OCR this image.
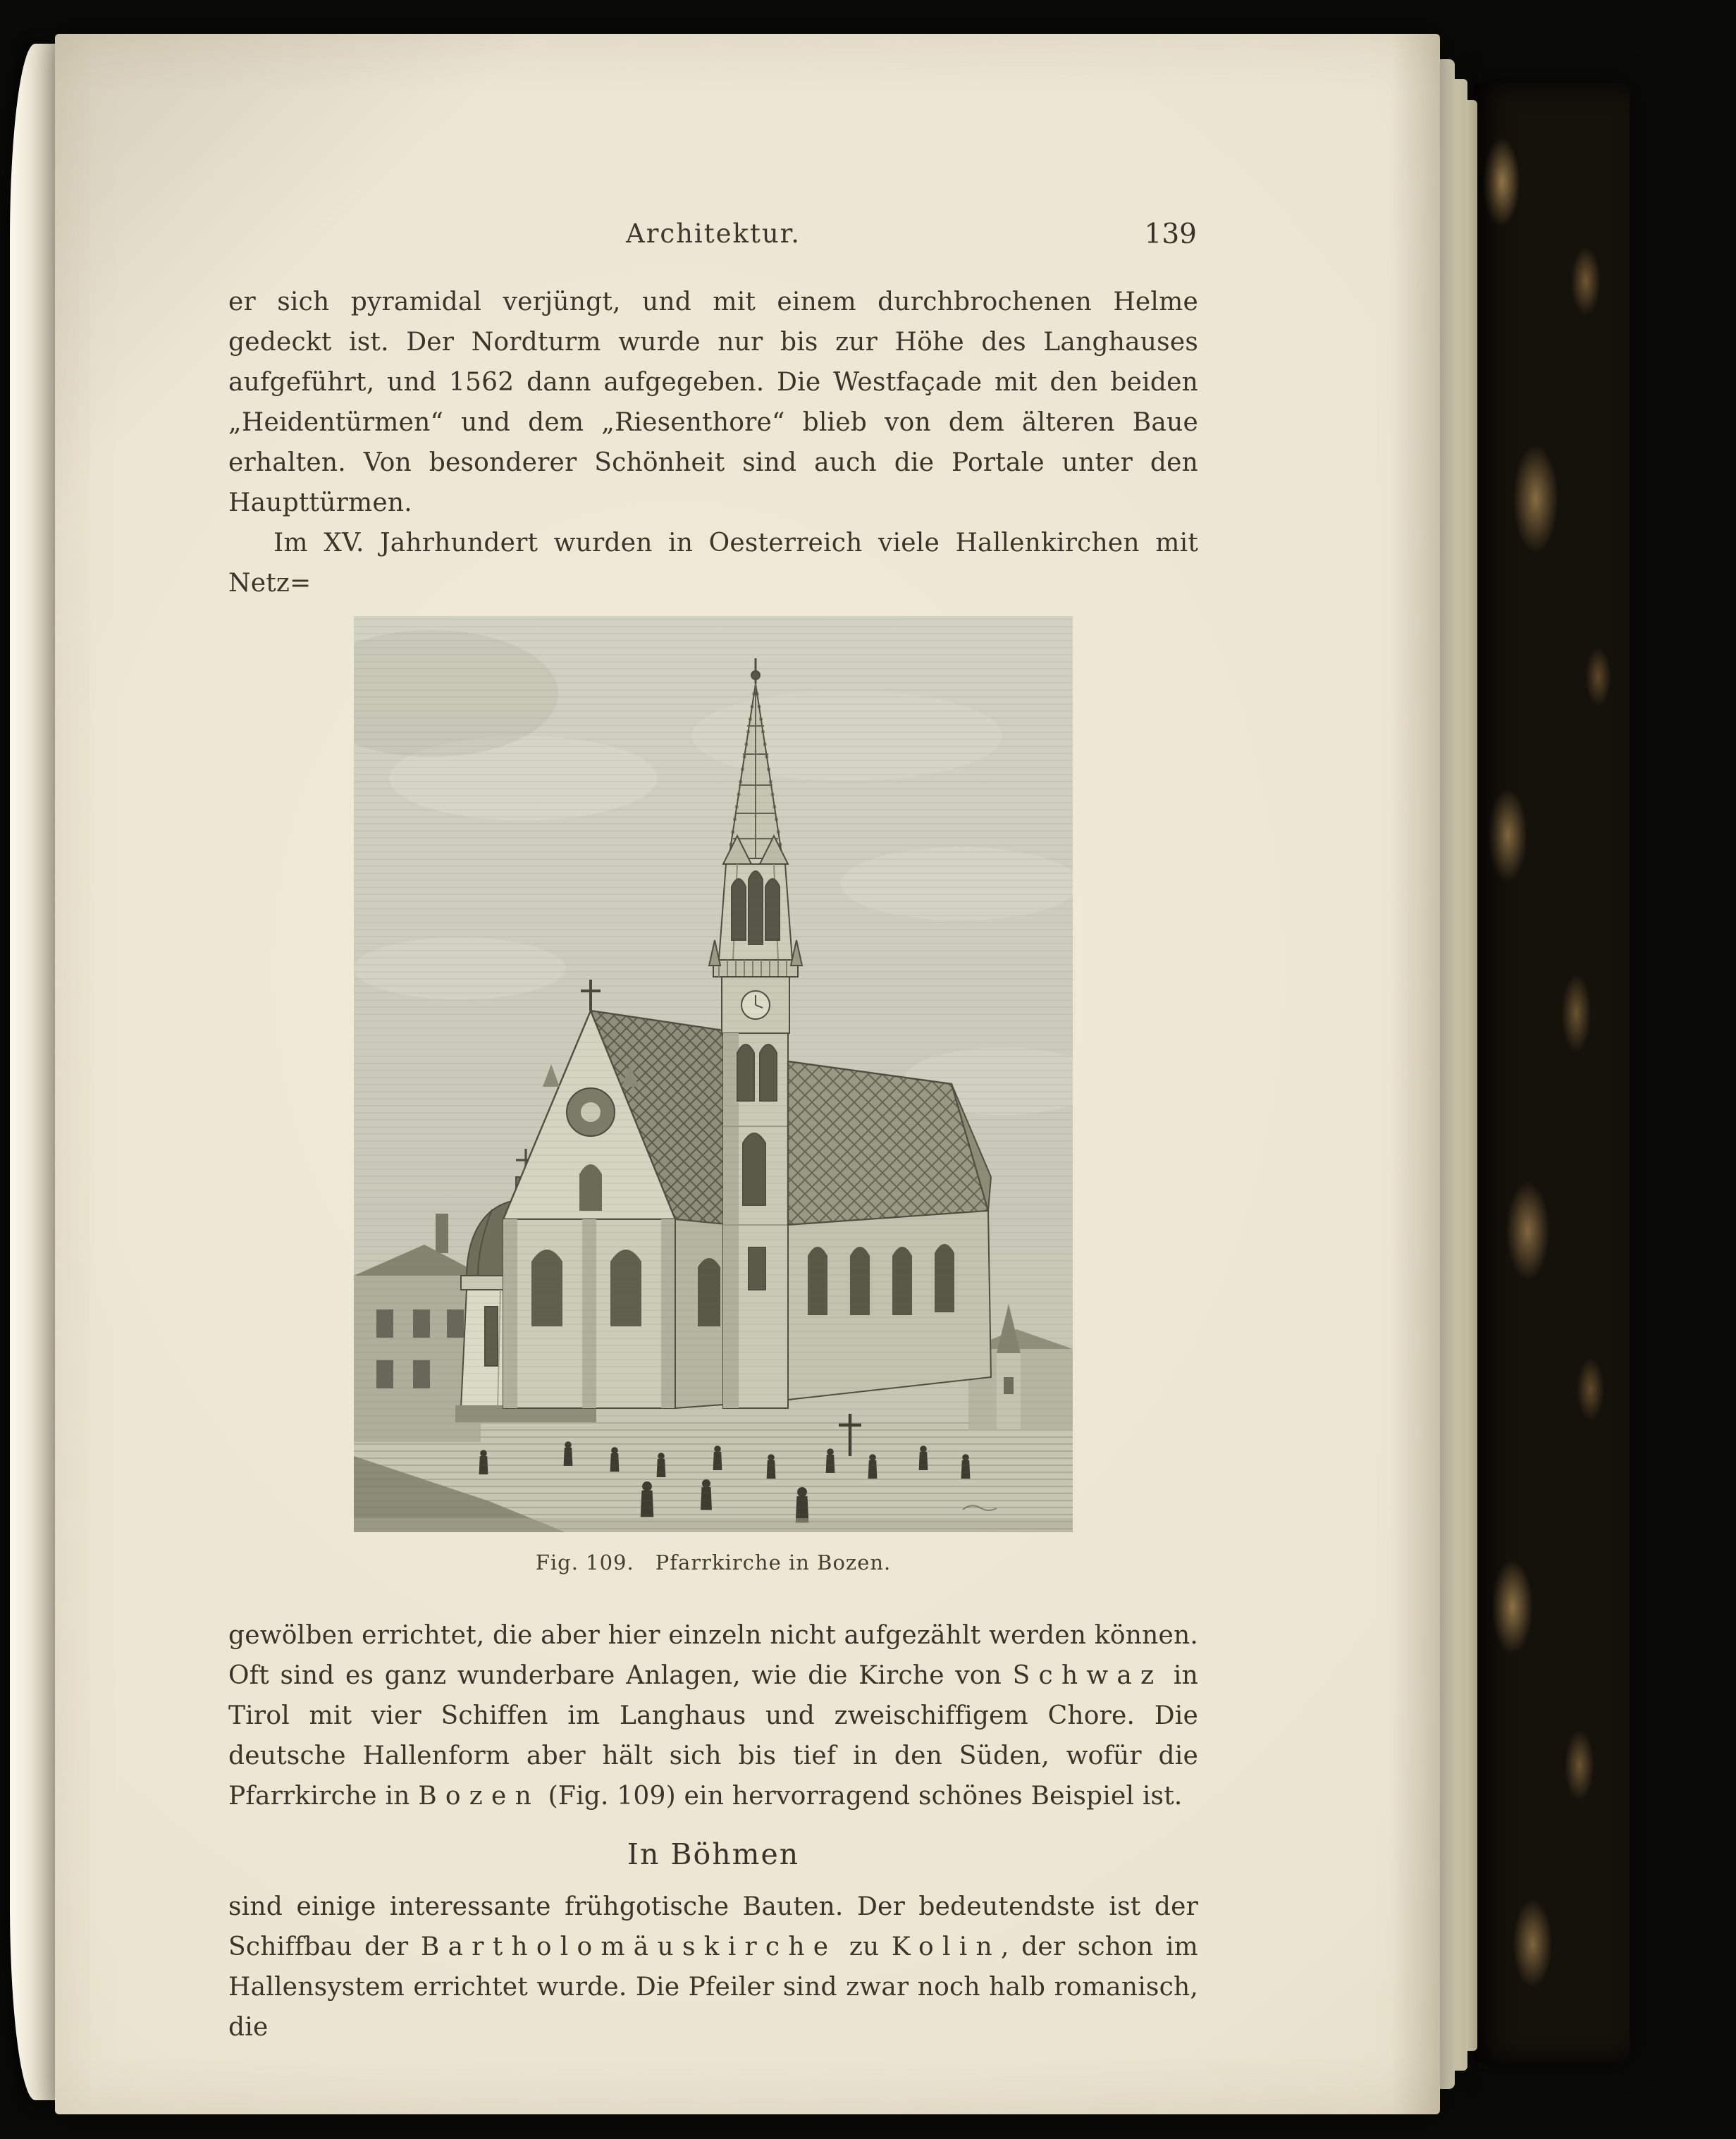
Architektur.	139

er sich pyramidal verjüngt, und mit einem durchbrochenen Helme gedeckt ist. Der Nordturm wurde nur bis zur Höhe des Langhauses aufgeführt, und 1562 dann aufgegeben. Die Westfaçade mit den beiden „Heidentürmen“ und dem „Riesenthore“ blieb von dem älteren Baue erhalten. Von besonderer Schönheit sind auch die Portale unter den Haupttürmen.

Im XV. Jahrhundert wurden in Oesterreich viele Hallenkirchen mit Netz=

Fig. 109. Pfarrkirche in Bozen.

gewölben errichtet, die aber hier einzeln nicht aufgezählt werden können. Oft sind es ganz wunderbare Anlagen, wie die Kirche von Schwaz in Tirol mit vier Schiffen im Langhaus und zweischiffigem Chore. Die deutsche Hallenform aber hält sich bis tief in den Süden, wofür die Pfarrkirche in Bozen (Fig. 109) ein hervorragend schönes Beispiel ist.

In Böhmen

sind einige interessante frühgotische Bauten. Der bedeutendste ist der Schiffbau der Bartholomäuskirche zu Kolin, der schon im Hallensystem errichtet wurde. Die Pfeiler sind zwar noch halb romanisch, die
